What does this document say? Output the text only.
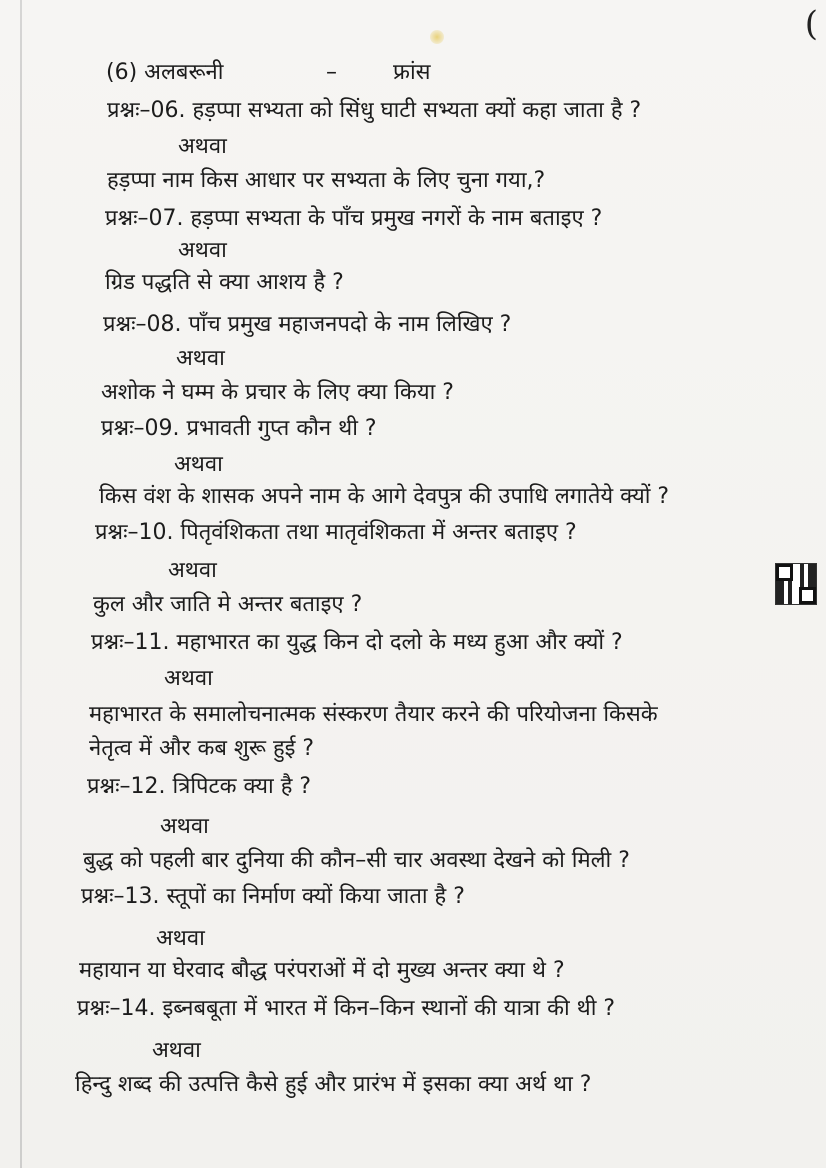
(
(6) अलबरूनी	–	फ्रांस
प्रश्नः–06. हड़प्पा सभ्यता को सिंधु घाटी सभ्यता क्यों कहा जाता है ?
अथवा
हड़प्पा नाम किस आधार पर सभ्यता के लिए चुना गया,?
प्रश्नः–07. हड़प्पा सभ्यता के पाँच प्रमुख नगरों के नाम बताइए ?
अथवा
ग्रिड पद्धति से क्या आशय है ?
प्रश्नः–08. पाँच प्रमुख महाजनपदो के नाम लिखिए ?
अथवा
अशोक ने घम्म के प्रचार के लिए क्या किया ?
प्रश्नः–09. प्रभावती गुप्त कौन थी ?
अथवा
किस वंश के शासक अपने नाम के आगे देवपुत्र की उपाधि लगातेये क्यों ?
प्रश्नः–10. पितृवंशिकता तथा मातृवंशिकता में अन्तर बताइए ?
अथवा
कुल और जाति मे अन्तर बताइए ?
प्रश्नः–11. महाभारत का युद्ध किन दो दलो के मध्य हुआ और क्यों ?
अथवा
महाभारत के समालोचनात्मक संस्करण तैयार करने की परियोजना किसके
नेतृत्व में और कब शुरू हुई ?
प्रश्नः–12. त्रिपिटक क्या है ?
अथवा
बुद्ध को पहली बार दुनिया की कौन–सी चार अवस्था देखने को मिली ?
प्रश्नः–13. स्तूपों का निर्माण क्यों किया जाता है ?
अथवा
महायान या घेरवाद बौद्ध परंपराओं में दो मुख्य अन्तर क्या थे ?
प्रश्नः–14. इब्नबबूता में भारत में किन–किन स्थानों की यात्रा की थी ?
अथवा
हिन्दु शब्द की उत्पत्ति कैसे हुई और प्रारंभ में इसका क्या अर्थ था ?
